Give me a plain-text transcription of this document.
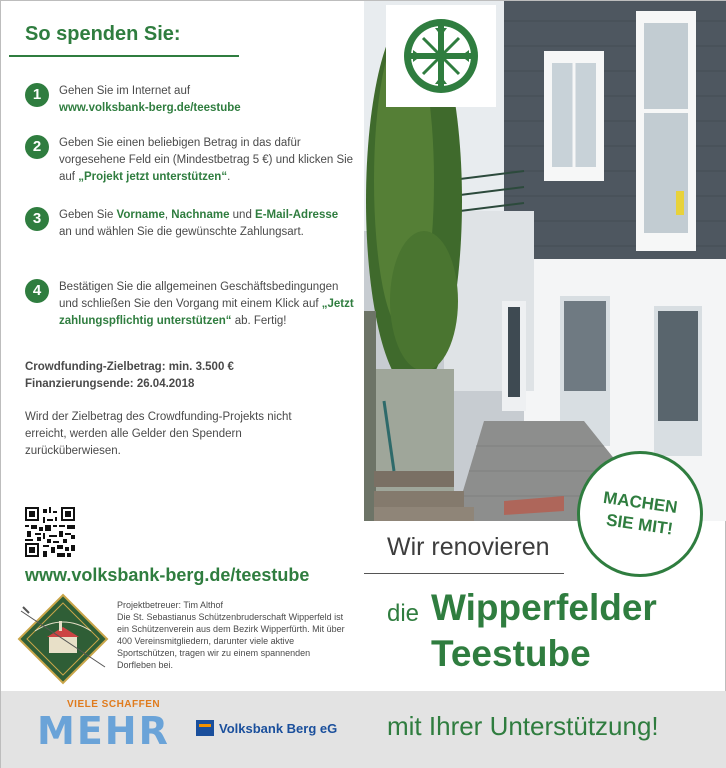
So spenden Sie:
1	Gehen Sie im Internet auf
www.volksbank-berg.de/teestube
2	Geben Sie einen beliebigen Betrag in das dafür vorgesehene Feld ein (Mindestbetrag 5 €) und klicken Sie auf „Projekt jetzt unterstützen“.
3	Geben Sie Vorname, Nachname und E-Mail-Adresse an und wählen Sie die gewünschte Zahlungsart.
4	Bestätigen Sie die allgemeinen Geschäftsbedingungen und schließen Sie den Vorgang mit einem Klick auf „Jetzt zahlungspflichtig unterstützen“ ab. Fertig!
Crowdfunding-Zielbetrag: min. 3.500 €
Finanzierungsende: 26.04.2018
Wird der Zielbetrag des Crowdfunding-Projekts nicht erreicht, werden alle Gelder den Spendern zurücküberwiesen.
www.volksbank-berg.de/teestube
Projektbetreuer: Tim Althof
Die St. Sebastianus Schützenbruderschaft Wipperfeld ist ein Schützenverein aus dem Bezirk Wipperfürth. Mit über 400 Vereinsmitgliedern, darunter viele aktive Sportschützen, tragen wir zu einem spannenden Dorfleben bei.
MACHEN
SIE MIT!
Wir renovieren
die Wipperfelder
Teestube
VIELE SCHAFFEN
MEHR	Volksbank Berg eG mit Ihrer Unterstützung!
